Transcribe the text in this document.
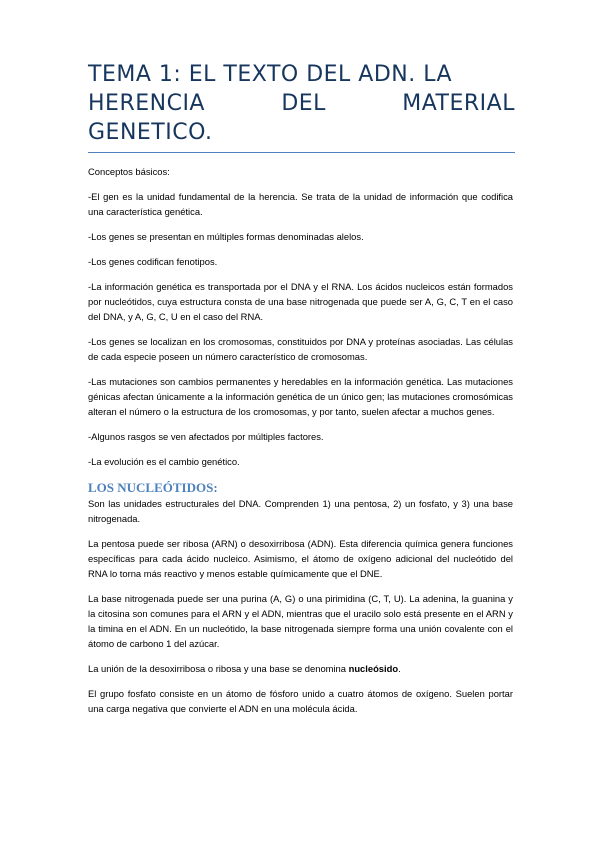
TEMA 1: EL TEXTO DEL ADN. LA
HERENCIA	DEL	MATERIAL
GENETICO.

Conceptos básicos:

-El gen es la unidad fundamental de la herencia. Se trata de la unidad de información que codifica una característica genética.

-Los genes se presentan en múltiples formas denominadas alelos.

-Los genes codifican fenotipos.

-La información genética es transportada por el DNA y el RNA. Los ácidos nucleicos están formados por nucleótidos, cuya estructura consta de una base nitrogenada que puede ser A, G, C, T en el caso del DNA, y A, G, C, U en el caso del RNA.

-Los genes se localizan en los cromosomas, constituidos por DNA y proteínas asociadas. Las células de cada especie poseen un número característico de cromosomas.

-Las mutaciones son cambios permanentes y heredables en la información genética. Las mutaciones génicas afectan únicamente a la información genética de un único gen; las mutaciones cromosómicas alteran el número o la estructura de los cromosomas, y por tanto, suelen afectar a muchos genes.

-Algunos rasgos se ven afectados por múltiples factores.

-La evolución es el cambio genético.

LOS NUCLEÓTIDOS:

Son las unidades estructurales del DNA. Comprenden 1) una pentosa, 2) un fosfato, y 3) una base nitrogenada.

La pentosa puede ser ribosa (ARN) o desoxirribosa (ADN). Esta diferencia química genera funciones específicas para cada ácido nucleico. Asimismo, el átomo de oxígeno adicional del nucleótido del RNA lo torna más reactivo y menos estable químicamente que el DNE.

La base nitrogenada puede ser una purina (A, G) o una pirimidina (C, T, U). La adenina, la guanina y la citosina son comunes para el ARN y el ADN, mientras que el uracilo solo está presente en el ARN y la timina en el ADN. En un nucleótido, la base nitrogenada siempre forma una unión covalente con el átomo de carbono 1 del azúcar.

La unión de la desoxirribosa o ribosa y una base se denomina nucleósido.

El grupo fosfato consiste en un átomo de fósforo unido a cuatro átomos de oxígeno. Suelen portar una carga negativa que convierte el ADN en una molécula ácida.
